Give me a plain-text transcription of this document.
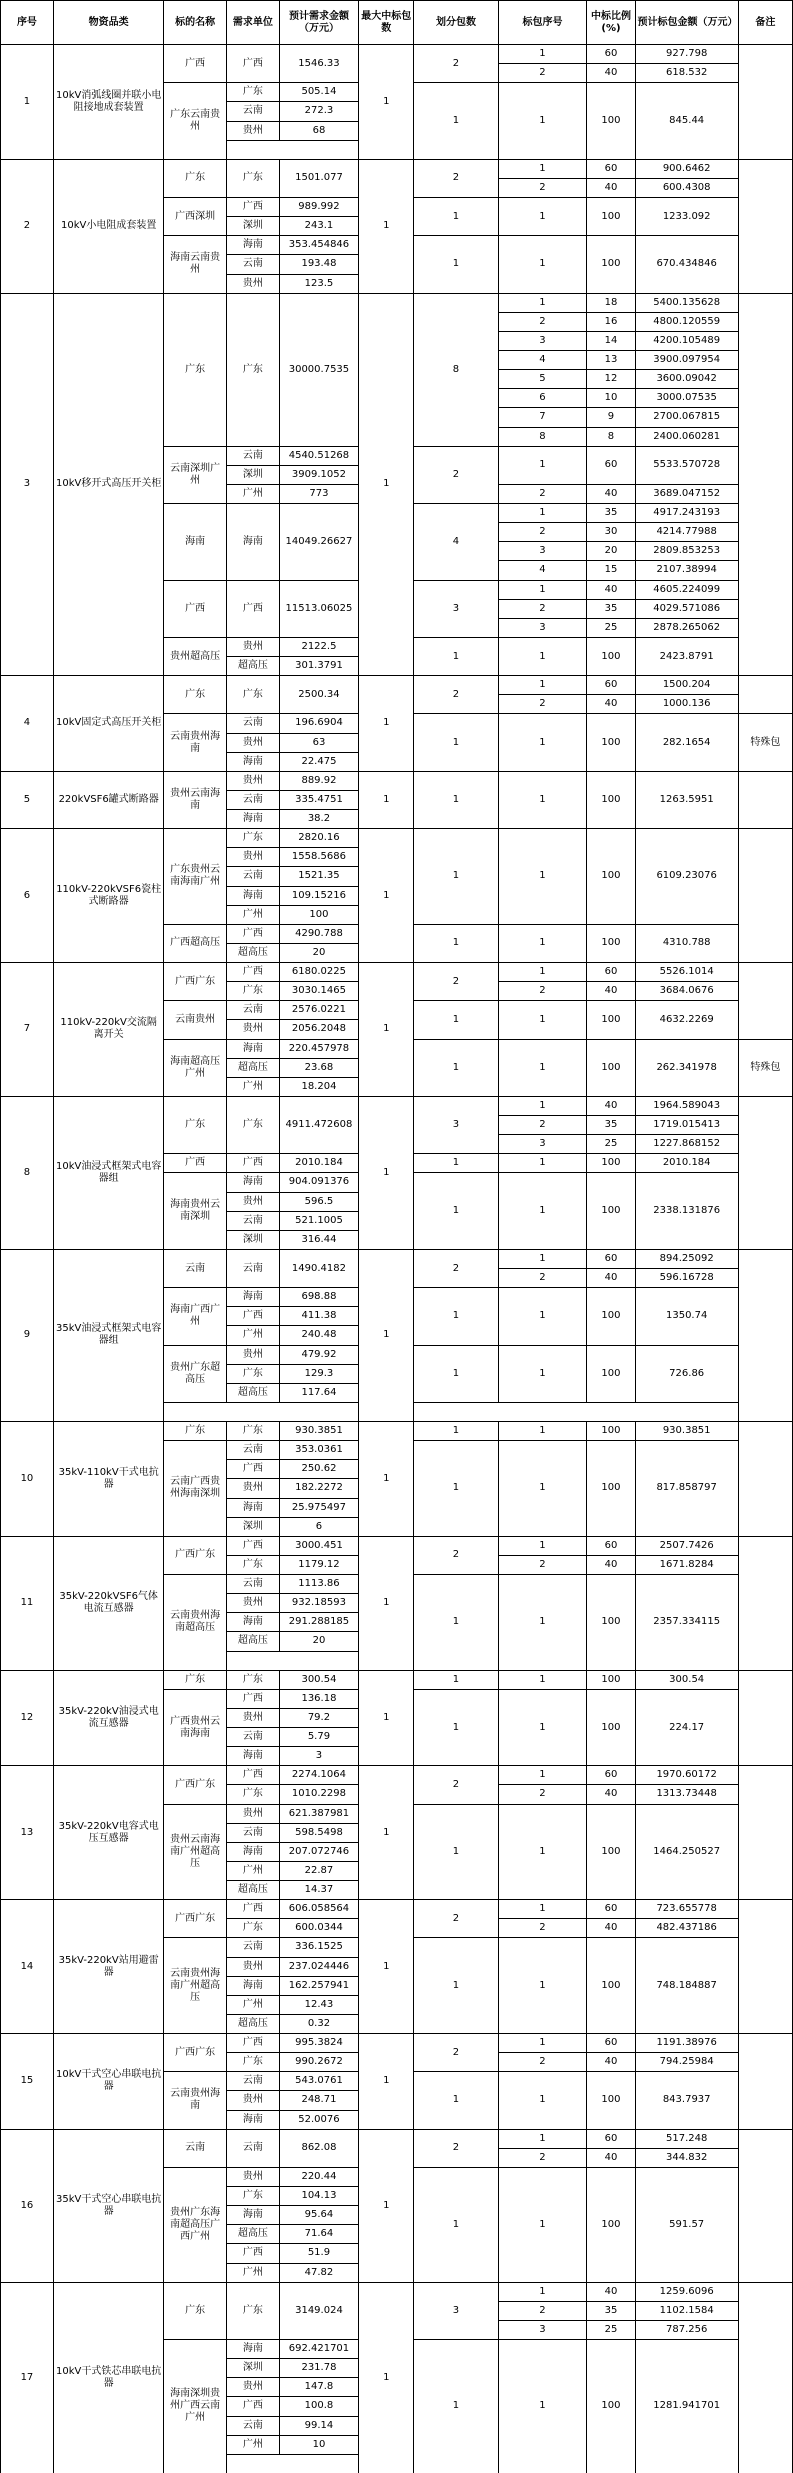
序号	物资品类	标的名称	需求单位	预计需求金额（万元）	最大中标包数	划分包数	标包序号	中标比例(%)	预计标包金额（万元）	备注
1	10kV消弧线圈并联小电阻接地成套装置	广西	广西	1546.33	1	2	1	60	927.798	
							2	40	618.532	
		广东云南贵州	广东	505.14		1	1	100	845.44	
			云南	272.3						
			贵州	68						

2	10kV小电阻成套装置	广东	广东	1501.077	1	2	1	60	900.6462	
							2	40	600.4308	
		广西深圳	广西	989.992		1	1	100	1233.092	
			深圳	243.1						
		海南云南贵州	海南	353.454846		1	1	100	670.434846	
			云南	193.48						
			贵州	123.5						
3	10kV移开式高压开关柜	广东	广东	30000.7535	1	8	1	18	5400.135628	
							2	16	4800.120559	
							3	14	4200.105489	
							4	13	3900.097954	
							5	12	3600.09042	
							6	10	3000.07535	
							7	9	2700.067815	
							8	8	2400.060281	
		云南深圳广州	云南	4540.51268		2	1	60	5533.570728	
			深圳	3909.1052						
			广州	773			2	40	3689.047152	
		海南	海南	14049.26627		4	1	35	4917.243193	
							2	30	4214.77988	
							3	20	2809.853253	
							4	15	2107.38994	
		广西	广西	11513.06025		3	1	40	4605.224099	
							2	35	4029.571086	
							3	25	2878.265062	
		贵州超高压	贵州	2122.5		1	1	100	2423.8791	
			超高压	301.3791						
4	10kV固定式高压开关柜	广东	广东	2500.34	1	2	1	60	1500.204	
							2	40	1000.136	
		云南贵州海南	云南	196.6904		1	1	100	282.1654	特殊包
			贵州	63						
			海南	22.475						
5	220kVSF6罐式断路器	贵州云南海南	贵州	889.92	1	1	1	100	1263.5951	
			云南	335.4751						
			海南	38.2						
6	110kV-220kVSF6瓷柱式断路器	广东贵州云南海南广州	广东	2820.16	1	1	1	100	6109.23076	
			贵州	1558.5686						
			云南	1521.35						
			海南	109.15216						
			广州	100						
		广西超高压	广西	4290.788		1	1	100	4310.788	
			超高压	20						
7	110kV-220kV交流隔离开关	广西广东	广西	6180.0225	1	2	1	60	5526.1014	
			广东	3030.1465			2	40	3684.0676	
		云南贵州	云南	2576.0221		1	1	100	4632.2269	
			贵州	2056.2048						
		海南超高压广州	海南	220.457978		1	1	100	262.341978	特殊包
			超高压	23.68						
			广州	18.204						
8	10kV油浸式框架式电容器组	广东	广东	4911.472608	1	3	1	40	1964.589043	
							2	35	1719.015413	
							3	25	1227.868152	
		广西	广西	2010.184		1	1	100	2010.184	
		海南贵州云南深圳	海南	904.091376		1	1	100	2338.131876	
			贵州	596.5						
			云南	521.1005						
			深圳	316.44						
9	35kV油浸式框架式电容器组	云南	云南	1490.4182	1	2	1	60	894.25092	
							2	40	596.16728	
		海南广西广州	海南	698.88		1	1	100	1350.74	
			广西	411.38						
			广州	240.48						
		贵州广东超高压	贵州	479.92		1	1	100	726.86	
			广东	129.3						
			超高压	117.64						

10	35kV-110kV干式电抗器	广东	广东	930.3851	1	1	1	100	930.3851	
		云南广西贵州海南深圳	云南	353.0361		1	1	100	817.858797	
			广西	250.62						
			贵州	182.2272						
			海南	25.975497						
			深圳	6						
11	35kV-220kVSF6气体电流互感器	广西广东	广西	3000.451	1	2	1	60	2507.7426	
			广东	1179.12			2	40	1671.8284	
		云南贵州海南超高压	云南	1113.86		1	1	100	2357.334115	
			贵州	932.18593						
			海南	291.288185						
			超高压	20						

12	35kV-220kV油浸式电流互感器	广东	广东	300.54	1	1	1	100	300.54	
		广西贵州云南海南	广西	136.18		1	1	100	224.17	
			贵州	79.2						
			云南	5.79						
			海南	3						
13	35kV-220kV电容式电压互感器	广西广东	广西	2274.1064	1	2	1	60	1970.60172	
			广东	1010.2298			2	40	1313.73448	
		贵州云南海南广州超高压	贵州	621.387981		1	1	100	1464.250527	
			云南	598.5498						
			海南	207.072746						
			广州	22.87						
			超高压	14.37						
14	35kV-220kV站用避雷器	广西广东	广西	606.058564	1	2	1	60	723.655778	
			广东	600.0344			2	40	482.437186	
		云南贵州海南广州超高压	云南	336.1525		1	1	100	748.184887	
			贵州	237.024446						
			海南	162.257941						
			广州	12.43						
			超高压	0.32						
15	10kV干式空心串联电抗器	广西广东	广西	995.3824	1	2	1	60	1191.38976	
			广东	990.2672			2	40	794.25984	
		云南贵州海南	云南	543.0761		1	1	100	843.7937	
			贵州	248.71						
			海南	52.0076						
16	35kV干式空心串联电抗器	云南	云南	862.08	1	2	1	60	517.248	
							2	40	344.832	
		贵州广东海南超高压广西广州	贵州	220.44		1	1	100	591.57	
			广东	104.13						
			海南	95.64						
			超高压	71.64						
			广西	51.9						
			广州	47.82						
17	10kV干式铁芯串联电抗器	广东	广东	3149.024	1	3	1	40	1259.6096	
							2	35	1102.1584	
							3	25	787.256	
		海南深圳贵州广西云南广州	海南	692.421701		1	1	100	1281.941701	
			深圳	231.78						
			贵州	147.8						
			广西	100.8						
			云南	99.14						
			广州	10						
